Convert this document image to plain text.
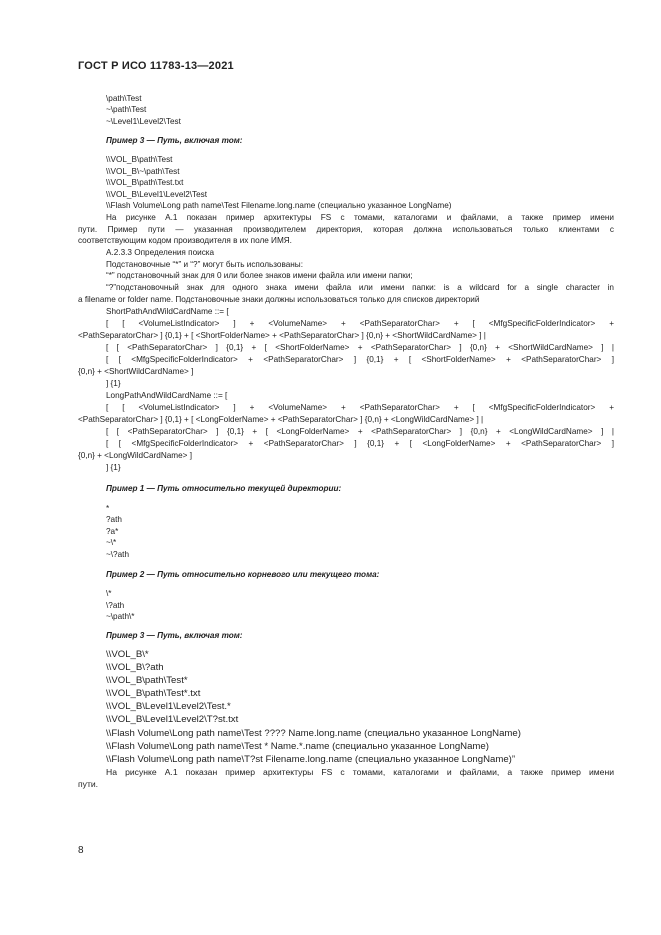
ГОСТ Р ИСО 11783-13—2021
\path\Test
~\path\Test
~\Level1\Level2\Test
Пример 3 — Путь, включая том:
\\VOL_B\path\Test
\\VOL_B\~\path\Test
\\VOL_B\path\Test.txt
\\VOL_B\Level1\Level2\Test
\\Flash Volume\Long path name\Test Filename.long.name (специально указанное LongName)
На рисунке А.1 показан пример архитектуры FS с томами, каталогами и файлами, а также пример имени
пути. Пример пути — указанная производителем директория, которая должна использоваться только клиентами с
соответствующим кодом производителя в их поле ИМЯ.
A.2.3.3 Определения поиска
Подстановочные “*” и “?” могут быть использованы:
“*” подстановочный знак для 0 или более знаков имени файла или имени папки;
“?”подстановочный знак для одного знака имени файла или имени папки: is a wildcard for a single character in
a filename or folder name. Подстановочные знаки должны использоваться только для списков директорий
ShortPathAndWildCardName ::= [
[ [ <VolumeListIndicator> ] + <VolumeName> + <PathSeparatorChar> + [ <MfgSpecificFolderIndicator> +
<PathSeparatorChar> ] {0,1} + [ <ShortFolderName> + <PathSeparatorChar> ] {0,n} + <ShortWildCardName> ] |
[ [ <PathSeparatorChar> ] {0,1} + [ <ShortFolderName> + <PathSeparatorChar> ] {0,n} + <ShortWildCardName> ] |
[ [ <MfgSpecificFolderIndicator> + <PathSeparatorChar> ] {0,1} + [ <ShortFolderName> + <PathSeparatorChar> ]
{0,n} + <ShortWildCardName> ]
] {1}
LongPathAndWildCardName ::= [
[ [ <VolumeListIndicator> ] + <VolumeName> + <PathSeparatorChar> + [ <MfgSpecificFolderIndicator> +
<PathSeparatorChar> ] {0,1} + [ <LongFolderName> + <PathSeparatorChar> ] {0,n} + <LongWildCardName> ] |
[ [ <PathSeparatorChar> ] {0,1} + [ <LongFolderName> + <PathSeparatorChar> ] {0,n} + <LongWildCardName> ] |
[ [ <MfgSpecificFolderIndicator> + <PathSeparatorChar> ] {0,1} + [ <LongFolderName> + <PathSeparatorChar> ]
{0,n} + <LongWildCardName> ]
] {1}
Пример 1 — Путь относительно текущей директории:
*
?ath
?a*
~\*
~\?ath
Пример 2 — Путь относительно корневого или текущего тома:
\*
\?ath
~\path\*
Пример 3 — Путь, включая том:
\\VOL_B\*
\\VOL_B\?ath
\\VOL_B\path\Test*
\\VOL_B\path\Test*.txt
\\VOL_B\Level1\Level2\Test.*
\\VOL_B\Level1\Level2\T?st.txt
\\Flash Volume\Long path name\Test ???? Name.long.name (специально указанное LongName)
\\Flash Volume\Long path name\Test * Name.*.name (специально указанное LongName)
\\Flash Volume\Long path name\T?st Filename.long.name (специально указанное LongName)”
На рисунке А.1 показан пример архитектуры FS с томами, каталогами и файлами, а также пример имени
пути.
8
